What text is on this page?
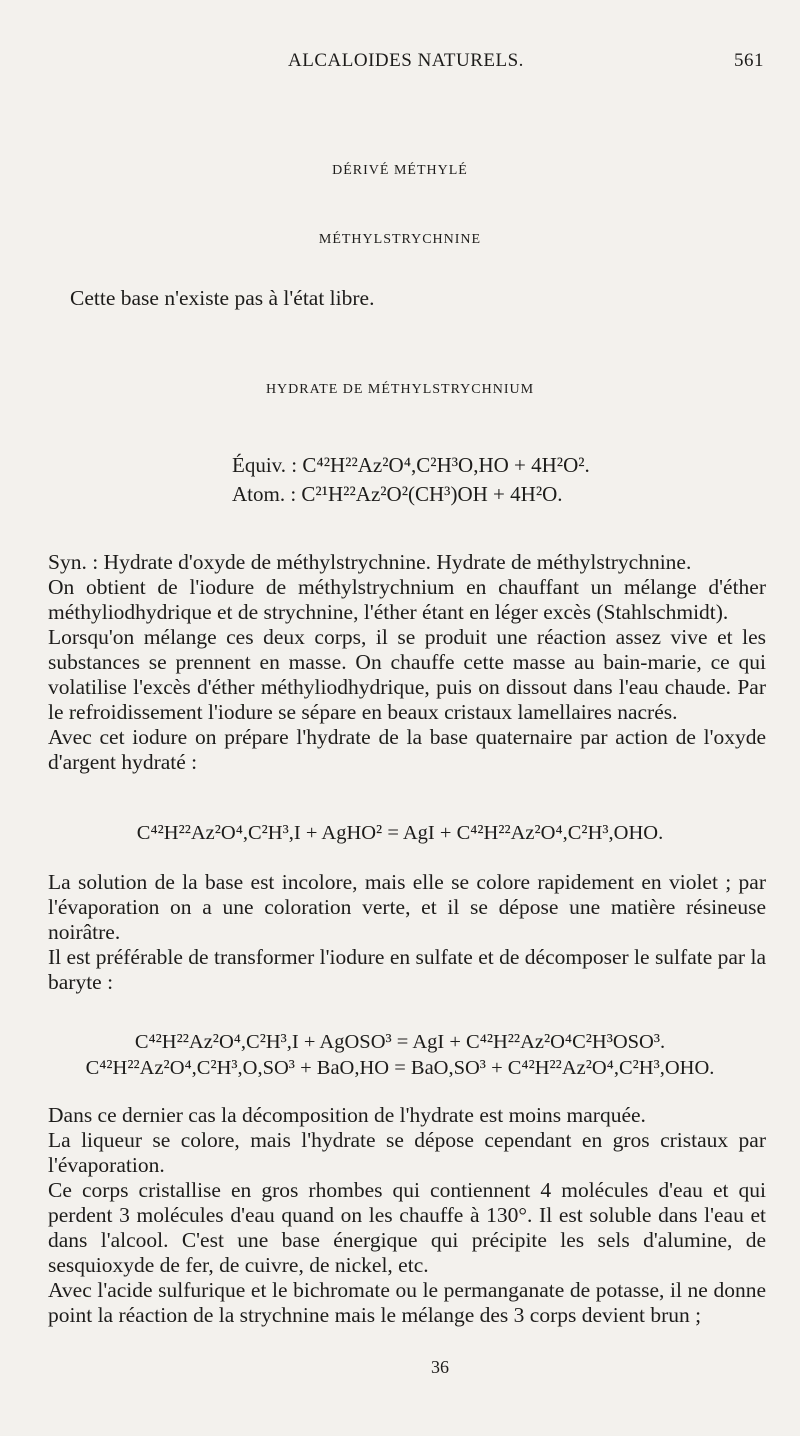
ALCALOIDES NATURELS.	561
DÉRIVÉ MÉTHYLÉ
MÉTHYLSTRYCHNINE

Cette base n'existe pas à l'état libre.

HYDRATE DE MÉTHYLSTRYCHNIUM
Équiv. : C⁴²H²²Az²O⁴,C²H³O,HO + 4H²O².
Atom. : C²¹H²²Az²O²(CH³)OH + 4H²O.

Syn. : Hydrate d'oxyde de méthylstrychnine. Hydrate de méthylstrychnine.

On obtient de l'iodure de méthylstrychnium en chauffant un mélange d'éther méthyliodhydrique et de strychnine, l'éther étant en léger excès (Stahlschmidt).

Lorsqu'on mélange ces deux corps, il se produit une réaction assez vive et les substances se prennent en masse. On chauffe cette masse au bain-marie, ce qui volatilise l'excès d'éther méthyliodhydrique, puis on dissout dans l'eau chaude. Par le refroidissement l'iodure se sépare en beaux cristaux lamellaires nacrés.

Avec cet iodure on prépare l'hydrate de la base quaternaire par action de l'oxyde d'argent hydraté :

C⁴²H²²Az²O⁴,C²H³,I + AgHO² = AgI + C⁴²H²²Az²O⁴,C²H³,OHO.

La solution de la base est incolore, mais elle se colore rapidement en violet ; par l'évaporation on a une coloration verte, et il se dépose une matière résineuse noirâtre.

Il est préférable de transformer l'iodure en sulfate et de décomposer le sulfate par la baryte :

C⁴²H²²Az²O⁴,C²H³,I + AgOSO³ = AgI + C⁴²H²²Az²O⁴C²H³OSO³.
C⁴²H²²Az²O⁴,C²H³,O,SO³ + BaO,HO = BaO,SO³ + C⁴²H²²Az²O⁴,C²H³,OHO.

Dans ce dernier cas la décomposition de l'hydrate est moins marquée.

La liqueur se colore, mais l'hydrate se dépose cependant en gros cristaux par l'évaporation.

Ce corps cristallise en gros rhombes qui contiennent 4 molécules d'eau et qui perdent 3 molécules d'eau quand on les chauffe à 130°. Il est soluble dans l'eau et dans l'alcool. C'est une base énergique qui précipite les sels d'alumine, de sesquioxyde de fer, de cuivre, de nickel, etc.

Avec l'acide sulfurique et le bichromate ou le permanganate de potasse, il ne donne point la réaction de la strychnine mais le mélange des 3 corps devient brun ;

36
